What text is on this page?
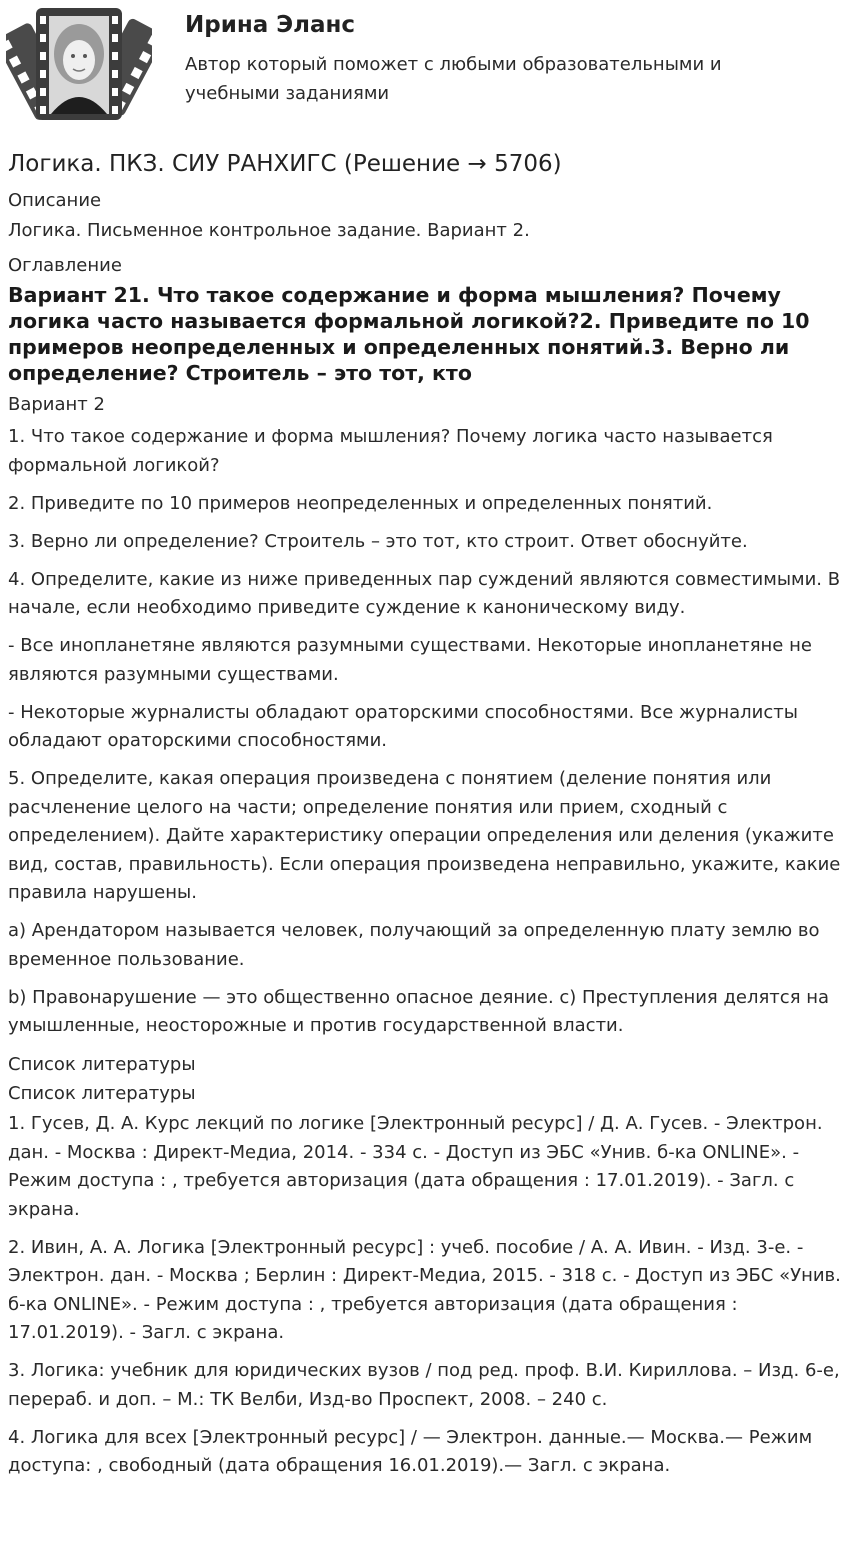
Ирина Эланс
Автор который поможет с любыми образовательными и учебными заданиями
Логика. ПКЗ. СИУ РАНХИГС (Решение → 5706)
Описание
Логика. Письменное контрольное задание. Вариант 2.
Оглавление
Вариант 21. Что такое содержание и форма мышления? Почему логика часто называется формальной логикой?2. Приведите по 10 примеров неопределенных и определенных понятий.3. Верно ли определение? Строитель – это тот, кто
Вариант 2

1. Что такое содержание и форма мышления? Почему логика часто называется формальной логикой?

2. Приведите по 10 примеров неопределенных и определенных понятий.

3. Верно ли определение? Строитель – это тот, кто строит. Ответ обоснуйте.

4. Определите, какие из ниже приведенных пар суждений являются совместимыми. В начале, если необходимо приведите суждение к каноническому виду.

- Все инопланетяне являются разумными существами. Некоторые инопланетяне не являются разумными существами.

- Некоторые журналисты обладают ораторскими способностями. Все журналисты обладают ораторскими способностями.

5. Определите, какая операция произведена с понятием (деление понятия или расчленение целого на части; определение понятия или прием, сходный с определением). Дайте характеристику операции определения или деления (укажите вид, состав, правильность). Если операция произведена неправильно, укажите, какие правила нарушены.

a) Арендатором называется человек, получающий за определенную плату землю во временное пользование.

b) Правонарушение — это общественно опасное деяние. c) Преступления делятся на умышленные, неосторожные и против государственной власти.

Список литературы
Список литературы

1. Гусев, Д. А. Курс лекций по логике [Электронный ресурс] / Д. А. Гусев. - Электрон. дан. - Москва : Директ-Медиа, 2014. - 334 с. - Доступ из ЭБС «Унив. б-ка ONLINE». - Режим доступа : , требуется авторизация (дата обращения : 17.01.2019). - Загл. с экрана.

2. Ивин, А. А. Логика [Электронный ресурс] : учеб. пособие / А. А. Ивин. - Изд. 3-е. - Электрон. дан. - Москва ; Берлин : Директ-Медиа, 2015. - 318 с. - Доступ из ЭБС «Унив. б-ка ONLINE». - Режим доступа : , требуется авторизация (дата обращения : 17.01.2019). - Загл. с экрана.

3. Логика: учебник для юридических вузов / под ред. проф. В.И. Кириллова. – Изд. 6-е, перераб. и доп. – М.: ТК Велби, Изд-во Проспект, 2008. – 240 с.

4. Логика для всех [Электронный ресурс] / — Электрон. данные.— Москва.— Режим доступа: , свободный (дата обращения 16.01.2019).— Загл. с экрана.
